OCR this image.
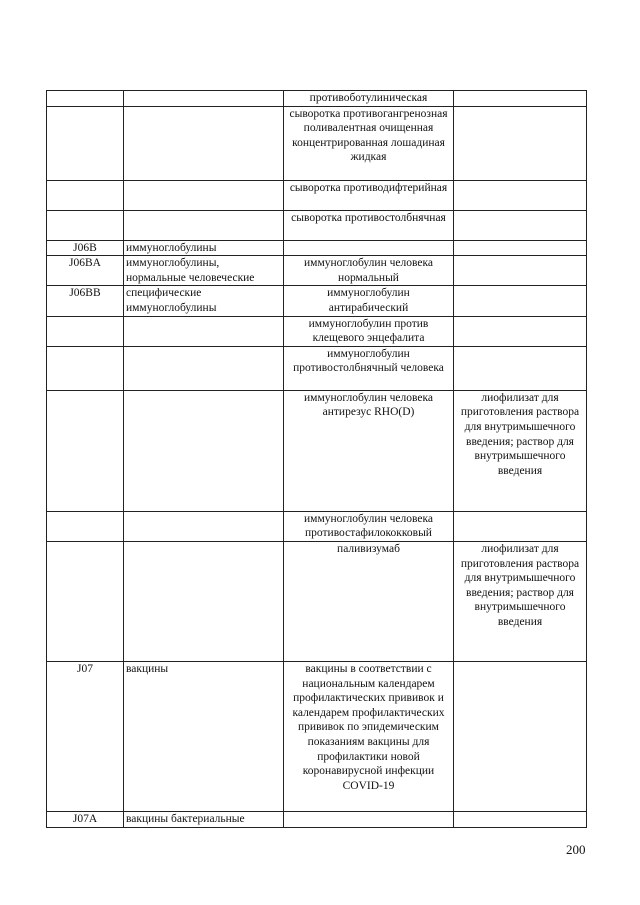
		противоботулиническая	
		сыворотка противогангренозная поливалентная очищенная концентрированная лошадиная жидкая	
		сыворотка противодифтерийная	
		сыворотка противостолбнячная	
J06B	иммуноглобулины		
J06BA	иммуноглобулины, нормальные человеческие	иммуноглобулин человека нормальный	
J06BB	специфические иммуноглобулины	иммуноглобулин антирабический	
		иммуноглобулин против клещевого энцефалита	
		иммуноглобулин противостолбнячный человека	
		иммуноглобулин человека антирезус RHO(D)	лиофилизат для приготовления раствора для внутримышечного введения; раствор для внутримышечного введения
		иммуноглобулин человека противостафилококковый	
		паливизумаб	лиофилизат для приготовления раствора для внутримышечного введения; раствор для внутримышечного введения
J07	вакцины	вакцины в соответствии с национальным календарем профилактических прививок и календарем профилактических прививок по эпидемическим показаниям вакцины для профилактики новой коронавирусной инфекции COVID-19	
J07A	вакцины бактериальные		
200
